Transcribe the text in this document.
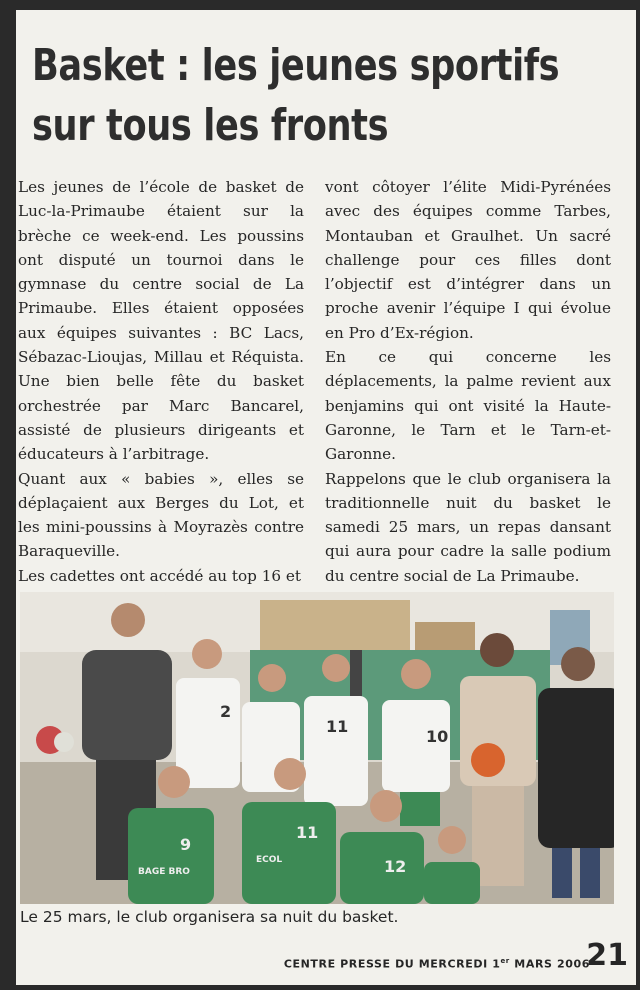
Basket : les jeunes sportifs
sur tous les fronts

Les jeunes de l’école de basket de Luc-la-Primaube étaient sur la brèche ce week-end. Les poussins ont disputé un tournoi dans le gymnase du centre social de La Primaube. Elles étaient opposées aux équipes suivantes : BC Lacs, Sébazac-Lioujas, Millau et Réquista. Une bien belle fête du basket orchestrée par Marc Bancarel, assisté de plusieurs dirigeants et éducateurs à l’arbitrage.

Quant aux « babies », elles se déplaçaient aux Berges du Lot, et les mini-poussins à Moyrazès contre Baraqueville.

Les cadettes ont accédé au top 16 et

vont côtoyer l’élite Midi-Pyrénées avec des équipes comme Tarbes, Montauban et Graulhet. Un sacré challenge pour ces filles dont l’objectif est d’intégrer dans un proche avenir l’équipe I qui évolue en Pro d’Ex-région.

En ce qui concerne les déplacements, la palme revient aux benjamins qui ont visité la Haute-Garonne, le Tarn et le Tarn-et-Garonne.

Rappelons que le club organisera la traditionnelle nuit du basket le samedi 25 mars, un repas dansant qui aura pour cadre la salle podium du centre social de La Primaube.

2
11
10
9
BAGE BRO
11
ECOL	12
Le 25 mars, le club organisera sa nuit du basket.
CENTRE PRESSE DU MERCREDI 1er MARS 2006
21
